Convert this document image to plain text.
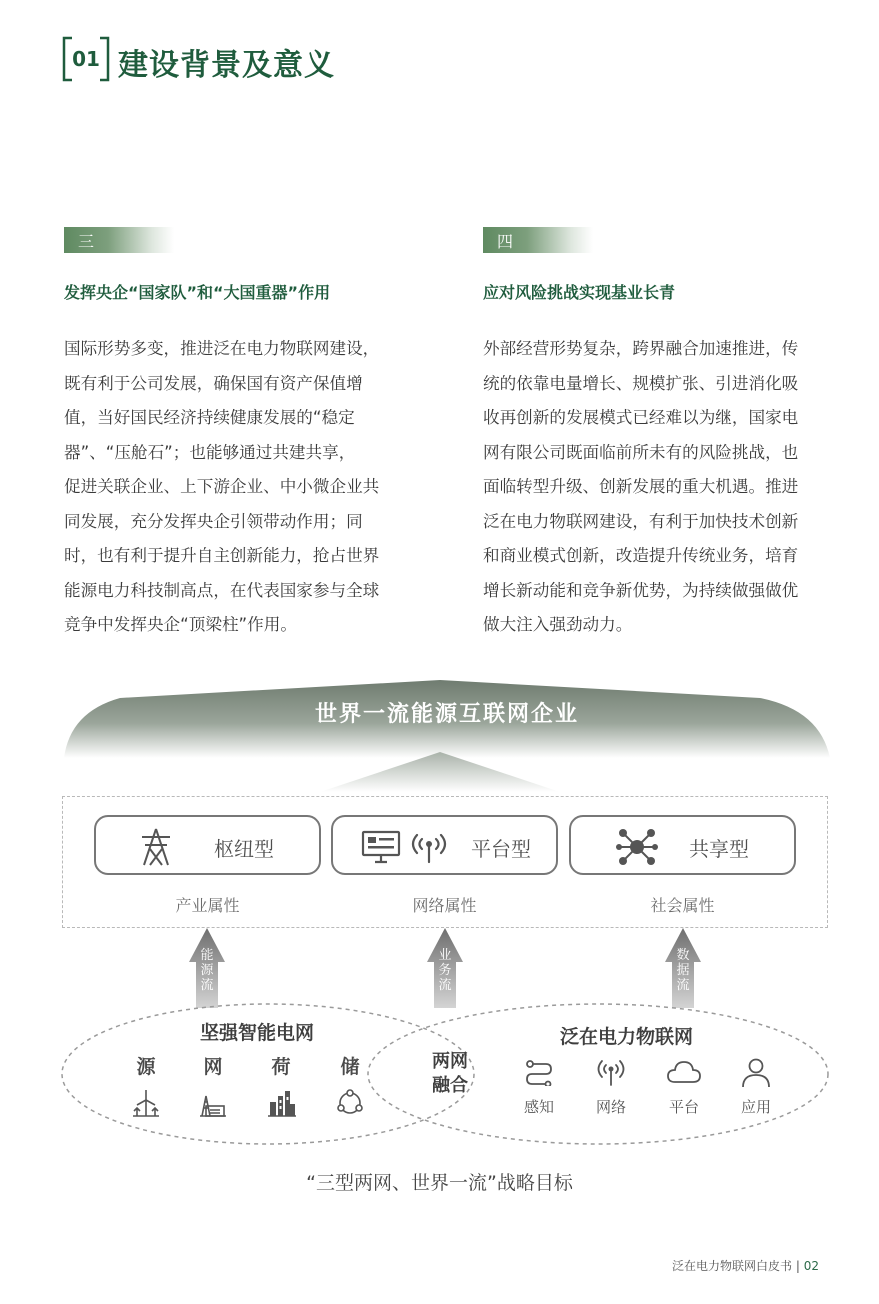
01 建设背景及意义
三
发挥央企“国家队”和“大国重器”作用
国际形势多变，推进泛在电力物联网建设，
既有利于公司发展，确保国有资产保值增
值，当好国民经济持续健康发展的“稳定
器”、“压舱石”；也能够通过共建共享，
促进关联企业、上下游企业、中小微企业共
同发展，充分发挥央企引领带动作用；同
时，也有利于提升自主创新能力，抢占世界
能源电力科技制高点，在代表国家参与全球
竞争中发挥央企“顶梁柱”作用。
四
应对风险挑战实现基业长青
外部经营形势复杂，跨界融合加速推进，传
统的依靠电量增长、规模扩张、引进消化吸
收再创新的发展模式已经难以为继，国家电
网有限公司既面临前所未有的风险挑战，也
面临转型升级、创新发展的重大机遇。推进
泛在电力物联网建设，有利于加快技术创新
和商业模式创新，改造提升传统业务，培育
增长新动能和竞争新优势，为持续做强做优
做大注入强劲动力。
世界一流能源互联网企业
枢纽型	平台型	共享型
产业属性	网络属性	社会属性
能
源
流
业
务
流
数
据
流
坚强智能电网
源	网	荷	储	两网
融合
泛在电力物联网
感知	网络	平台	应用
“三型两网、世界一流”战略目标
泛在电力物联网白皮书 | 02
